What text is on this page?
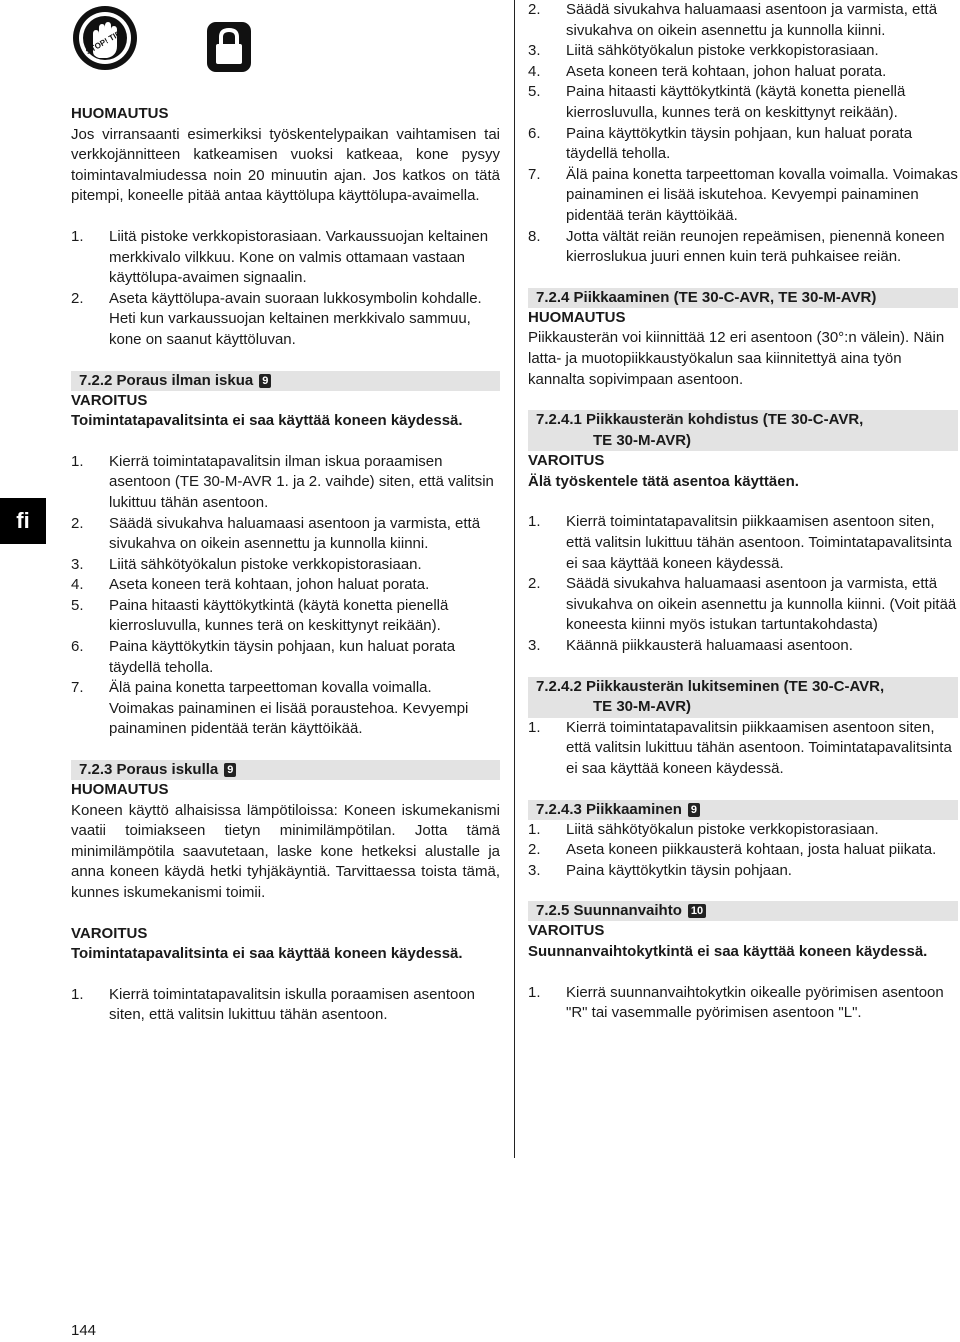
STOP! TIPS

HUOMAUTUS

Jos virransaanti esimerkiksi työskentelypaikan vaihtamisen tai verkkojännitteen katkeamisen vuoksi katkeaa, kone pysyy toimintavalmiudessa noin 20 minuutin ajan. Jos katkos on tätä pitempi, koneelle pitää antaa käyttölupa käyttölupa-avaimella.

1.	Liitä pistoke verkkopistorasiaan. Varkaussuojan keltainen merkkivalo vilkkuu. Kone on valmis ottamaan vastaan käyttölupa-avaimen signaalin.
2.	Aseta käyttölupa-avain suoraan lukkosymbolin kohdalle. Heti kun varkaussuojan keltainen merkkivalo sammuu, kone on saanut käyttöluvan.
7.2.2 Poraus ilman iskua 9

VAROITUS

Toimintatapavalitsinta ei saa käyttää koneen käydessä.

1.	Kierrä toimintatapavalitsin ilman iskua poraamisen asentoon (TE 30-M-AVR 1. ja 2. vaihde) siten, että valitsin lukittuu tähän asentoon.
2.	Säädä sivukahva haluamaasi asentoon ja varmista, että sivukahva on oikein asennettu ja kunnolla kiinni.
3.	Liitä sähkötyökalun pistoke verkkopistorasiaan.
4.	Aseta koneen terä kohtaan, johon haluat porata.
5.	Paina hitaasti käyttökytkintä (käytä konetta pienellä kierrosluvulla, kunnes terä on keskittynyt reikään).
6.	Paina käyttökytkin täysin pohjaan, kun haluat porata täydellä teholla.
7.	Älä paina konetta tarpeettoman kovalla voimalla. Voimakas painaminen ei lisää poraustehoa. Kevyempi painaminen pidentää terän käyttöikää.
7.2.3 Poraus iskulla 9

HUOMAUTUS

Koneen käyttö alhaisissa lämpötiloissa: Koneen iskumekanismi vaatii toimiakseen tietyn minimilämpötilan. Jotta tämä minimilämpötila saavutetaan, laske kone hetkeksi alustalle ja anna koneen käydä hetki tyhjäkäyntiä. Tarvittaessa toista tämä, kunnes iskumekanismi toimii.

VAROITUS

Toimintatapavalitsinta ei saa käyttää koneen käydessä.

1.	Kierrä toimintatapavalitsin iskulla poraamisen asentoon siten, että valitsin lukittuu tähän asentoon.
2.	Säädä sivukahva haluamaasi asentoon ja varmista, että sivukahva on oikein asennettu ja kunnolla kiinni.
3.	Liitä sähkötyökalun pistoke verkkopistorasiaan.
4.	Aseta koneen terä kohtaan, johon haluat porata.
5.	Paina hitaasti käyttökytkintä (käytä konetta pienellä kierrosluvulla, kunnes terä on keskittynyt reikään).
6.	Paina käyttökytkin täysin pohjaan, kun haluat porata täydellä teholla.
7.	Älä paina konetta tarpeettoman kovalla voimalla. Voimakas painaminen ei lisää iskutehoa. Kevyempi painaminen pidentää terän käyttöikää.
8.	Jotta vältät reiän reunojen repeämisen, pienennä koneen kierroslukua juuri ennen kuin terä puhkaisee reiän.
7.2.4 Piikkaaminen (TE 30-C-AVR, TE 30-M-AVR)

HUOMAUTUS

Piikkausterän voi kiinnittää 12 eri asentoon (30°:n välein). Näin latta- ja muotopiikkaustyökalun saa kiinnitettyä aina työn kannalta sopivimpaan asentoon.

7.2.4.1 Piikkausterän kohdistus (TE 30-C-AVR,
TE 30-M-AVR)

VAROITUS

Älä työskentele tätä asentoa käyttäen.

1.	Kierrä toimintatapavalitsin piikkaamisen asentoon siten, että valitsin lukittuu tähän asentoon. Toimintatapavalitsinta ei saa käyttää koneen käydessä.
2.	Säädä sivukahva haluamaasi asentoon ja varmista, että sivukahva on oikein asennettu ja kunnolla kiinni. (Voit pitää koneesta kiinni myös istukan tartuntakohdasta)
3.	Käännä piikkausterä haluamaasi asentoon.
7.2.4.2 Piikkausterän lukitseminen (TE 30-C-AVR,
TE 30-M-AVR)
1.	Kierrä toimintatapavalitsin piikkaamisen asentoon siten, että valitsin lukittuu tähän asentoon. Toimintatapavalitsinta ei saa käyttää koneen käydessä.
7.2.4.3 Piikkaaminen 9
1.	Liitä sähkötyökalun pistoke verkkopistorasiaan.
2.	Aseta koneen piikkausterä kohtaan, josta haluat piikata.
3.	Paina käyttökytkin täysin pohjaan.
7.2.5 Suunnanvaihto 10

VAROITUS

Suunnanvaihtokytkintä ei saa käyttää koneen käydessä.

1.	Kierrä suunnanvaihtokytkin oikealle pyörimisen asentoon "R" tai vasemmalle pyörimisen asentoon "L".
fi
144
